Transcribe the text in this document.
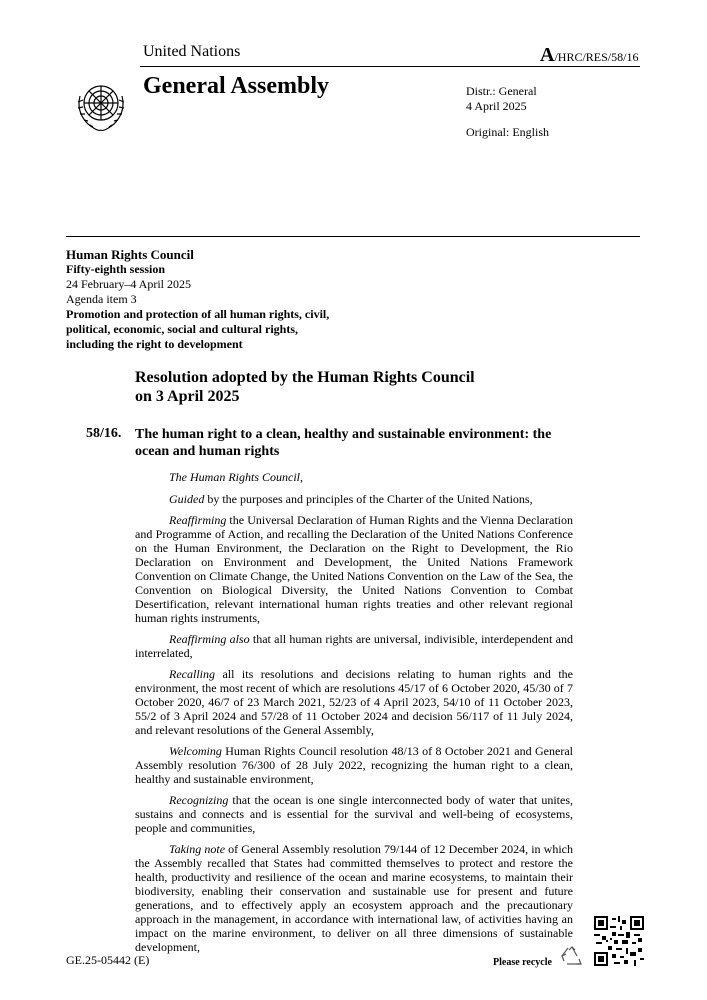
United Nations	A/HRC/RES/58/16
General Assembly	Distr.: General
4 April 2025
Original: English
Human Rights Council
Fifty-eighth session
24 February–4 April 2025
Agenda item 3
Promotion and protection of all human rights, civil,
political, economic, social and cultural rights,
including the right to development
Resolution adopted by the Human Rights Council
on 3 April 2025
58/16. The human right to a clean, healthy and sustainable environment: the
ocean and human rights

The Human Rights Council,

Guided by the purposes and principles of the Charter of the United Nations,

Reaffirming the Universal Declaration of Human Rights and the Vienna Declaration and Programme of Action, and recalling the Declaration of the United Nations Conference on the Human Environment, the Declaration on the Right to Development, the Rio Declaration on Environment and Development, the United Nations Framework Convention on Climate Change, the United Nations Convention on the Law of the Sea, the Convention on Biological Diversity, the United Nations Convention to Combat Desertification, relevant international human rights treaties and other relevant regional human rights instruments,

Reaffirming also that all human rights are universal, indivisible, interdependent and interrelated,

Recalling all its resolutions and decisions relating to human rights and the environment, the most recent of which are resolutions 45/17 of 6 October 2020, 45/30 of 7 October 2020, 46/7 of 23 March 2021, 52/23 of 4 April 2023, 54/10 of 11 October 2023, 55/2 of 3 April 2024 and 57/28 of 11 October 2024 and decision 56/117 of 11 July 2024, and relevant resolutions of the General Assembly,

Welcoming Human Rights Council resolution 48/13 of 8 October 2021 and General Assembly resolution 76/300 of 28 July 2022, recognizing the human right to a clean, healthy and sustainable environment,

Recognizing that the ocean is one single interconnected body of water that unites, sustains and connects and is essential for the survival and well-being of ecosystems, people and communities,

Taking note of General Assembly resolution 79/144 of 12 December 2024, in which the Assembly recalled that States had committed themselves to protect and restore the health, productivity and resilience of the ocean and marine ecosystems, to maintain their biodiversity, enabling their conservation and sustainable use for present and future generations, and to effectively apply an ecosystem approach and the precautionary approach in the management, in accordance with international law, of activities having an impact on the marine environment, to deliver on all three dimensions of sustainable development,

GE.25-05442 (E)	Please recycle
